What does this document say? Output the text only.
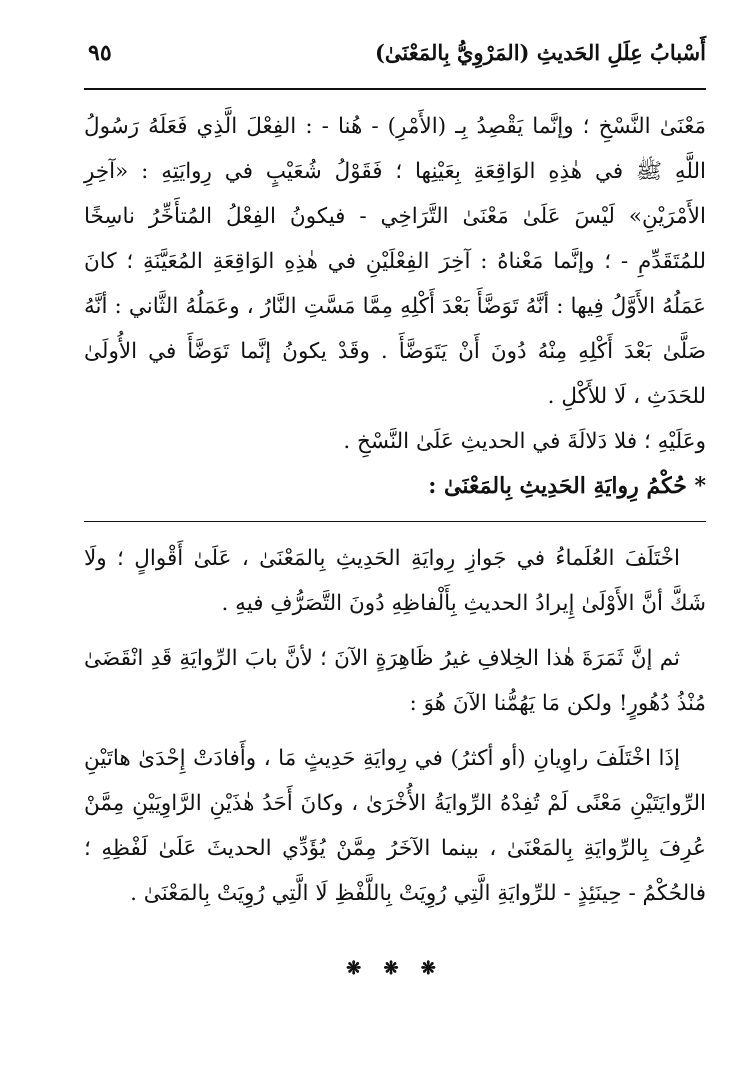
أَسْبابُ عِلَلِ الحَديثِ (المَرْوِيُّ بِالمَعْنَىٰ)
٩٥

مَعْنَىٰ النَّسْخِ ؛ وإنَّما يَقْصِدُ بِـ (الأَمْرِ) - هُنا - : الفِعْلَ الَّذِي فَعَلَهُ رَسُولُ اللَّهِ ﷺ في هٰذِهِ الوَاقِعَةِ بِعَيْنِها ؛ فَقَوْلُ شُعَيْبٍ في رِوايَتِهِ : «آخِرِ الأَمْرَيْنِ» لَيْسَ عَلَىٰ مَعْنَىٰ التَّرَاخِي - فيكونُ الفِعْلُ المُتأَخِّرُ ناسِخًا للمُتَقَدِّمِ - ؛ وإنَّما مَعْناهُ : آخِرَ الفِعْلَيْنِ في هٰذِهِ الوَاقِعَةِ المُعَيَّنَةِ ؛ كانَ عَمَلُهُ الأَوَّلُ فِيها : أنَّهُ تَوَضَّأَ بَعْدَ أَكْلِهِ مِمَّا مَسَّتِ النَّارُ ، وعَمَلُهُ الثَّاني : أنَّهُ صَلَّىٰ بَعْدَ أَكْلِهِ مِنْهُ دُونَ أَنْ يَتَوَضَّأَ . وقَدْ يكونُ إنَّما تَوَضَّأَ في الأُولَىٰ للحَدَثِ ، لَا للأَكْلِ .

وعَلَيْهِ ؛ فلا دَلالَةَ في الحديثِ عَلَىٰ النَّسْخِ .

* حُكْمُ رِوايَةِ الحَدِيثِ بِالمَعْنَىٰ :

اخْتَلَفَ العُلَماءُ في جَوازِ رِوايَةِ الحَدِيثِ بِالمَعْنَىٰ ، عَلَىٰ أَقْوالٍ ؛ ولَا شَكَّ أنَّ الأَوْلَىٰ إِيرادُ الحديثِ بِأَلْفاظِهِ دُونَ التَّصَرُّفِ فيهِ .

ثم إنَّ ثَمَرَةَ هٰذا الخِلافِ غيرُ ظَاهِرَةٍ الآنَ ؛ لأنَّ بابَ الرِّوايَةِ قَدِ انْقَضَىٰ مُنْذُ دُهُورٍ! ولكن مَا يَهُمُّنا الآنَ هُوَ :

إذَا اخْتَلَفَ راوِيانِ (أو أكثرُ) في رِوايَةِ حَدِيثٍ مَا ، وأَفادَتْ إِحْدَىٰ هاتَيْنِ الرِّوايَتَيْنِ مَعْنًى لَمْ تُفِدْهُ الرِّوايَةُ الأُخْرَىٰ ، وكانَ أَحَدُ هٰذَيْنِ الرَّاوِيَيْنِ مِمَّنْ عُرِفَ بِالرِّوايَةِ بِالمَعْنَىٰ ، بينما الآخَرُ مِمَّنْ يُؤَدِّي الحديثَ عَلَىٰ لَفْظِهِ ؛ فالحُكْمُ - حِينَئِذٍ - للرِّوايَةِ الَّتِي رُوِيَتْ بِاللَّفْظِ لَا الَّتِي رُوِيَتْ بِالمَعْنَىٰ .

❋ ❋ ❋
